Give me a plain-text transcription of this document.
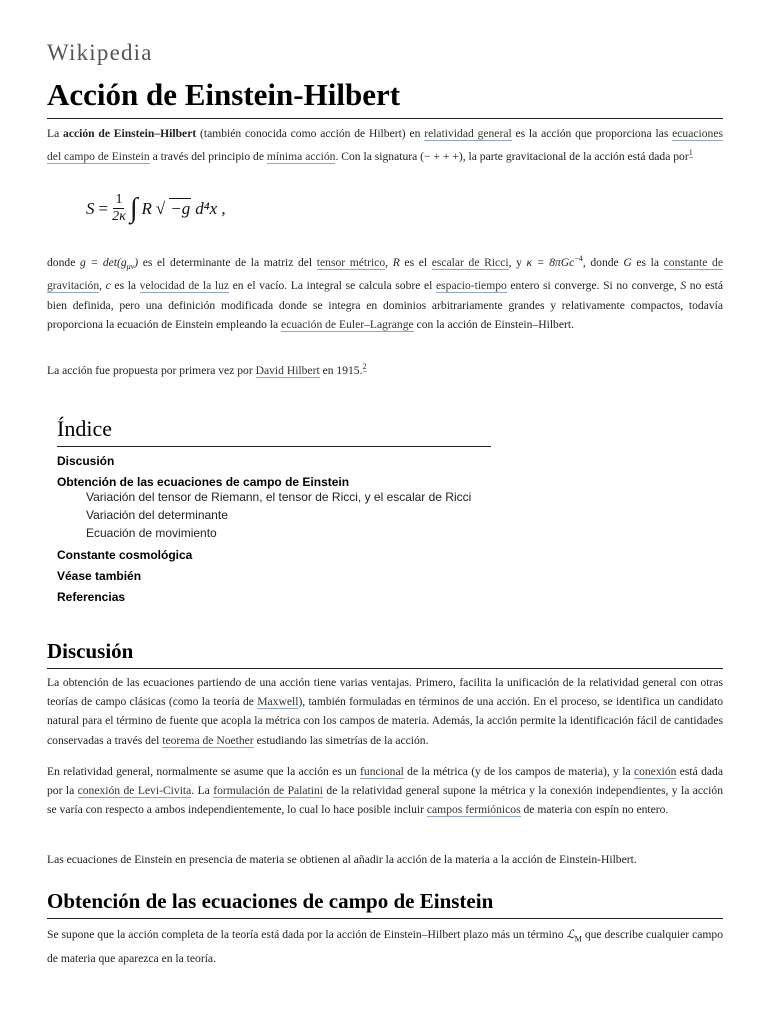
Wikipedia
Acción de Einstein-Hilbert

La acción de Einstein–Hilbert (también conocida como acción de Hilbert) en relatividad general es la acción que proporciona las ecuaciones del campo de Einstein a través del principio de mínima acción. Con la signatura (− + + +), la parte gravitacional de la acción está dada por$^1$

$S = \frac{1}{2\kappa}$ ∫ R √ −g d⁴x ,

donde $g = \det(g_{\mu\nu})$ es el determinante de la matriz del tensor métrico, R es el escalar de Ricci, y κ = 8πGc$^{-4}$, donde G es la constante de gravitación, c es la velocidad de la luz en el vacío. La integral se calcula sobre el espacio-tiempo entero si converge. Si no converge, S no está bien definida, pero una definición modificada donde se integra en dominios arbitrariamente grandes y relativamente compactos, todavía proporciona la ecuación de Einstein empleando la ecuación de Euler–Lagrange con la acción de Einstein–Hilbert.

La acción fue propuesta por primera vez por David Hilbert en 1915.$^2$

Índice
Discusión
Obtención de las ecuaciones de campo de Einstein
Variación del tensor de Riemann, el tensor de Ricci, y el escalar de Ricci
Variación del determinante
Ecuación de movimiento
Constante cosmológica
Véase también
Referencias
Discusión

La obtención de las ecuaciones partiendo de una acción tiene varias ventajas. Primero, facilita la unificación de la relatividad general con otras teorías de campo clásicas (como la teoría de Maxwell), también formuladas en términos de una acción. En el proceso, se identifica un candidato natural para el término de fuente que acopla la métrica con los campos de materia. Además, la acción permite la identificación fácil de cantidades conservadas a través del teorema de Noether estudiando las simetrías de la acción.

En relatividad general, normalmente se asume que la acción es un funcional de la métrica (y de los campos de materia), y la conexión está dada por la conexión de Levi-Civita. La formulación de Palatini de la relatividad general supone la métrica y la conexión independientes, y la acción se varía con respecto a ambos independientemente, lo cual lo hace posible incluir campos fermiónicos de materia con espín no entero.

Las ecuaciones de Einstein en presencia de materia se obtienen al añadir la acción de la materia a la acción de Einstein-Hilbert.

Obtención de las ecuaciones de campo de Einstein

Se supone que la acción completa de la teoría está dada por la acción de Einstein–Hilbert plazo más un término ℒ$_M$ que describe cualquier campo de materia que aparezca en la teoría.
